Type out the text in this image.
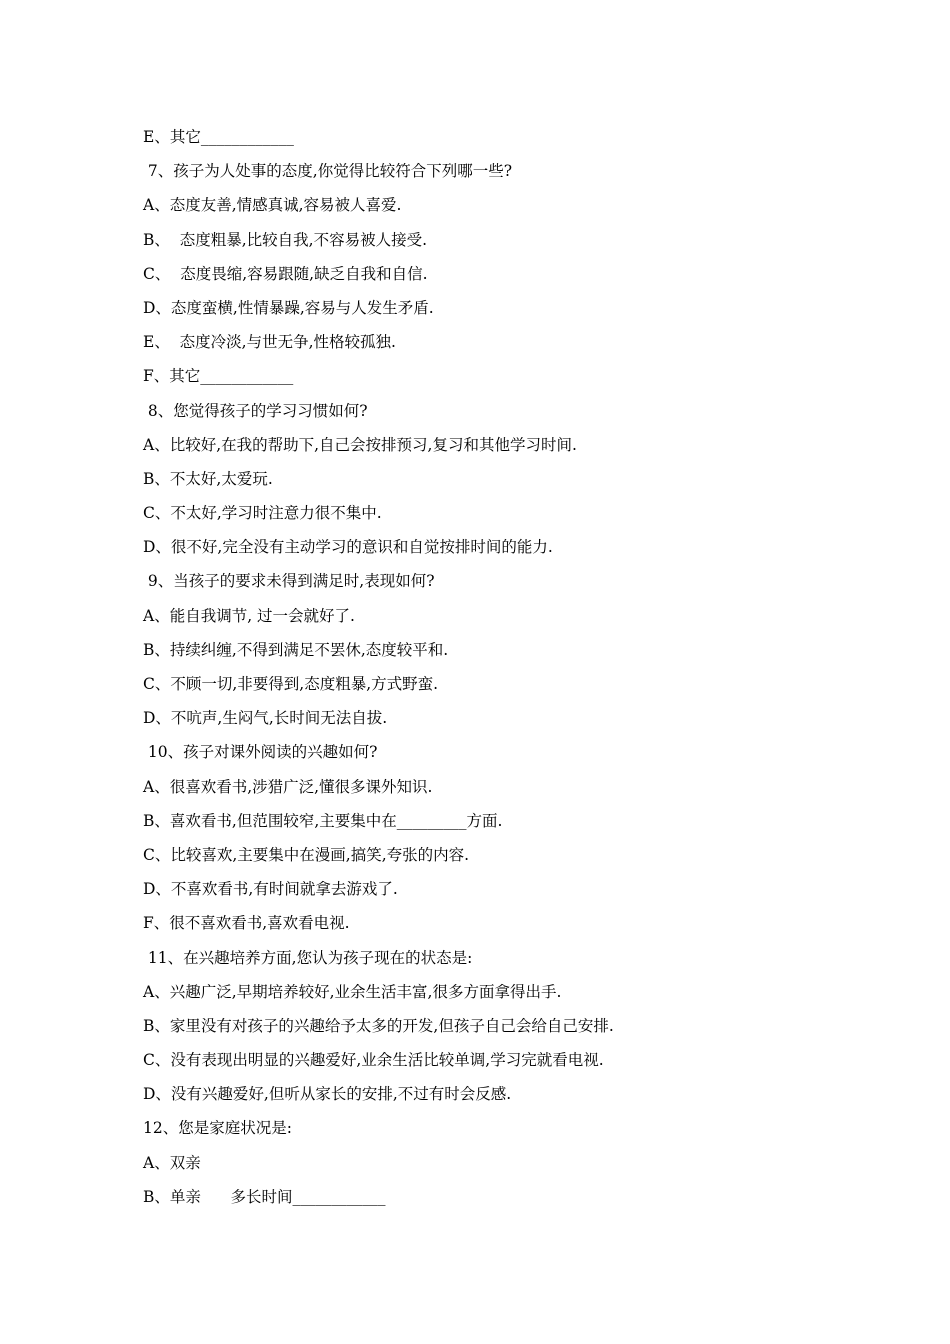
E、其它____________
7、孩子为人处事的态度,你觉得比较符合下列哪一些?
A、态度友善,情感真诚,容易被人喜爱.
B、  态度粗暴,比较自我,不容易被人接受.
C、  态度畏缩,容易跟随,缺乏自我和自信.
D、态度蛮横,性情暴躁,容易与人发生矛盾.
E、  态度冷淡,与世无争,性格较孤独.
F、其它____________
8、您觉得孩子的学习习惯如何?
A、比较好,在我的帮助下,自己会按排预习,复习和其他学习时间.
B、不太好,太爱玩.
C、不太好,学习时注意力很不集中.
D、很不好,完全没有主动学习的意识和自觉按排时间的能力.
9、当孩子的要求未得到满足时,表现如何?
A、能自我调节, 过一会就好了.
B、持续纠缠,不得到满足不罢休,态度较平和.
C、不顾一切,非要得到,态度粗暴,方式野蛮.
D、不吭声,生闷气,长时间无法自拔.
10、孩子对课外阅读的兴趣如何?
A、很喜欢看书,涉猎广泛,懂很多课外知识.
B、喜欢看书,但范围较窄,主要集中在_________方面.
C、比较喜欢,主要集中在漫画,搞笑,夸张的内容.
D、不喜欢看书,有时间就拿去游戏了.
F、很不喜欢看书,喜欢看电视.
11、在兴趣培养方面,您认为孩子现在的状态是:
A、兴趣广泛,早期培养较好,业余生活丰富,很多方面拿得出手.
B、家里没有对孩子的兴趣给予太多的开发,但孩子自己会给自己安排.
C、没有表现出明显的兴趣爱好,业余生活比较单调,学习完就看电视.
D、没有兴趣爱好,但听从家长的安排,不过有时会反感.
12、您是家庭状况是:
A、双亲
B、单亲      多长时间____________
